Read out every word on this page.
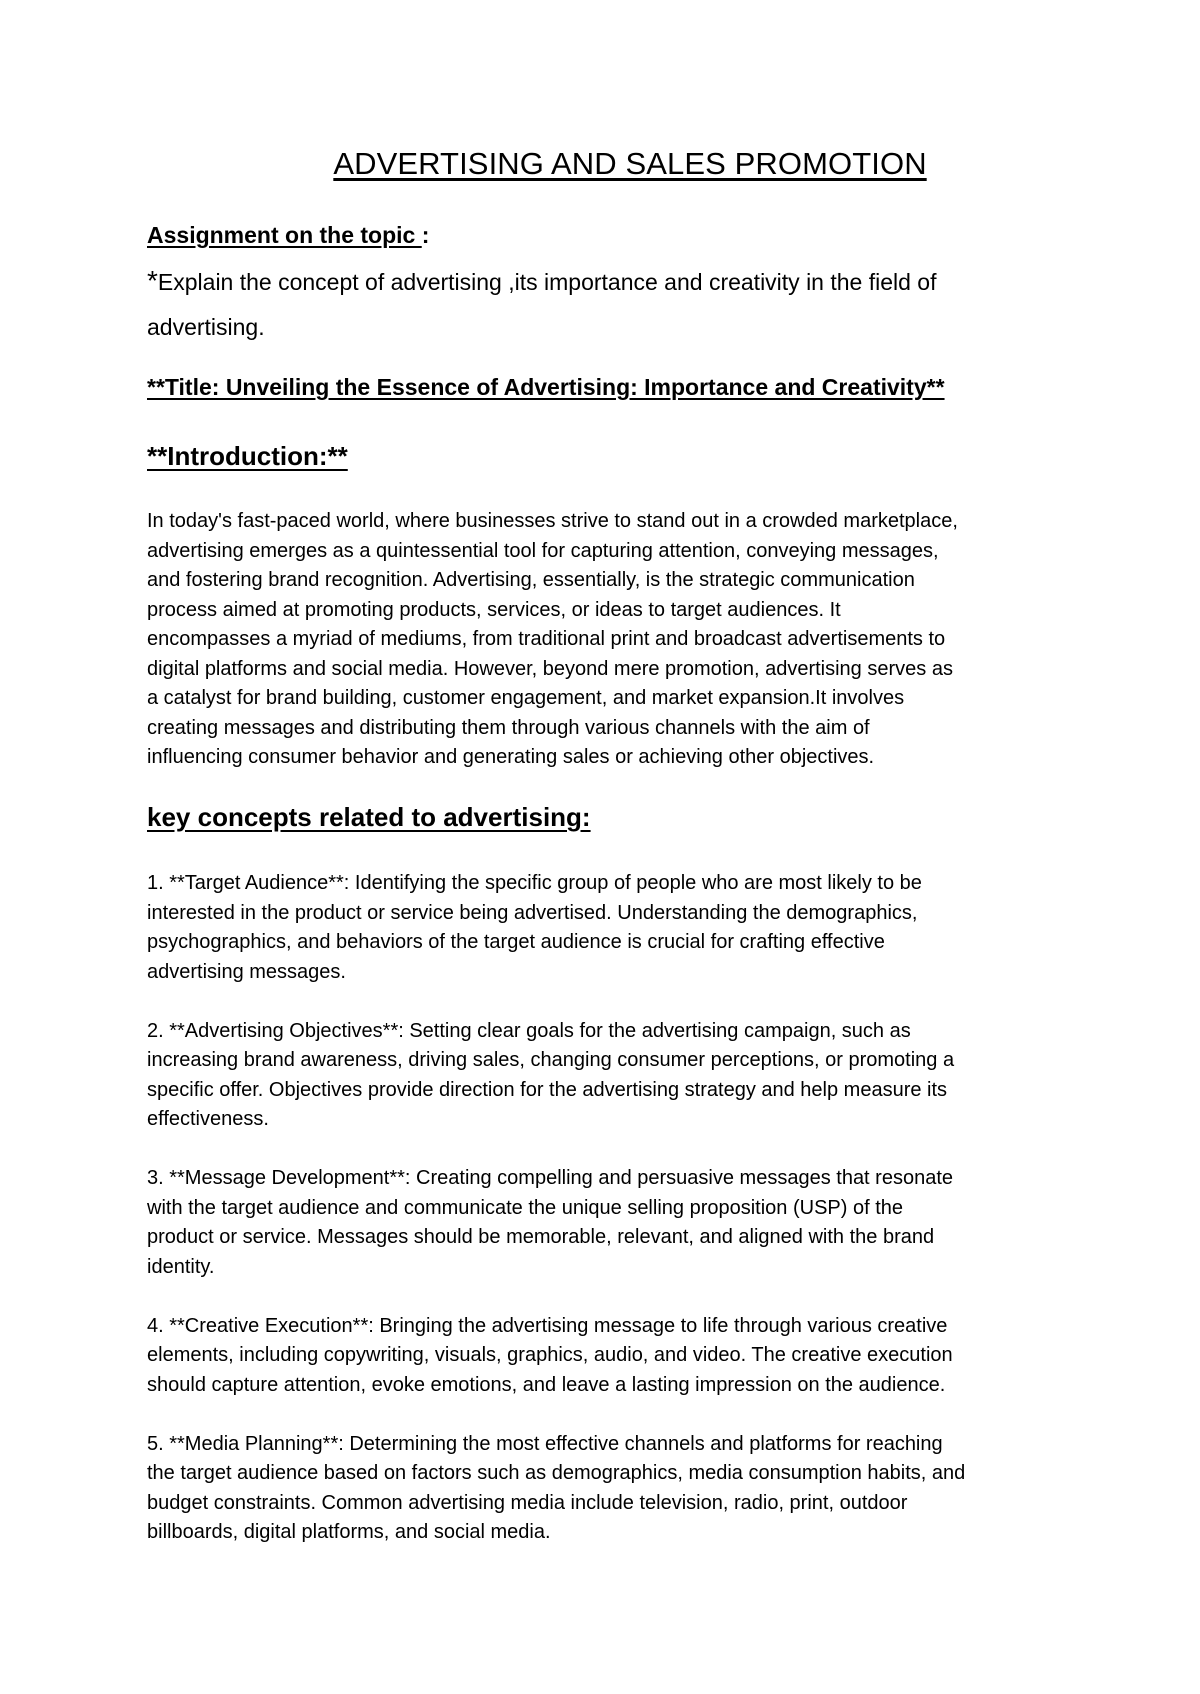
ADVERTISING AND SALES PROMOTION

Assignment on the topic :

*Explain the concept of advertising ,its importance and creativity in the field of
advertising.

**Title: Unveiling the Essence of Advertising: Importance and Creativity**

**Introduction:**

In today's fast-paced world, where businesses strive to stand out in a crowded marketplace,
advertising emerges as a quintessential tool for capturing attention, conveying messages,
and fostering brand recognition. Advertising, essentially, is the strategic communication
process aimed at promoting products, services, or ideas to target audiences. It
encompasses a myriad of mediums, from traditional print and broadcast advertisements to
digital platforms and social media. However, beyond mere promotion, advertising serves as
a catalyst for brand building, customer engagement, and market expansion.It involves
creating messages and distributing them through various channels with the aim of
influencing consumer behavior and generating sales or achieving other objectives.

key concepts related to advertising:
1. **Target Audience**: Identifying the specific group of people who are most likely to be
interested in the product or service being advertised. Understanding the demographics,
psychographics, and behaviors of the target audience is crucial for crafting effective
advertising messages.
2. **Advertising Objectives**: Setting clear goals for the advertising campaign, such as
increasing brand awareness, driving sales, changing consumer perceptions, or promoting a
specific offer. Objectives provide direction for the advertising strategy and help measure its
effectiveness.
3. **Message Development**: Creating compelling and persuasive messages that resonate
with the target audience and communicate the unique selling proposition (USP) of the
product or service. Messages should be memorable, relevant, and aligned with the brand
identity.
4. **Creative Execution**: Bringing the advertising message to life through various creative
elements, including copywriting, visuals, graphics, audio, and video. The creative execution
should capture attention, evoke emotions, and leave a lasting impression on the audience.
5. **Media Planning**: Determining the most effective channels and platforms for reaching
the target audience based on factors such as demographics, media consumption habits, and
budget constraints. Common advertising media include television, radio, print, outdoor
billboards, digital platforms, and social media.
